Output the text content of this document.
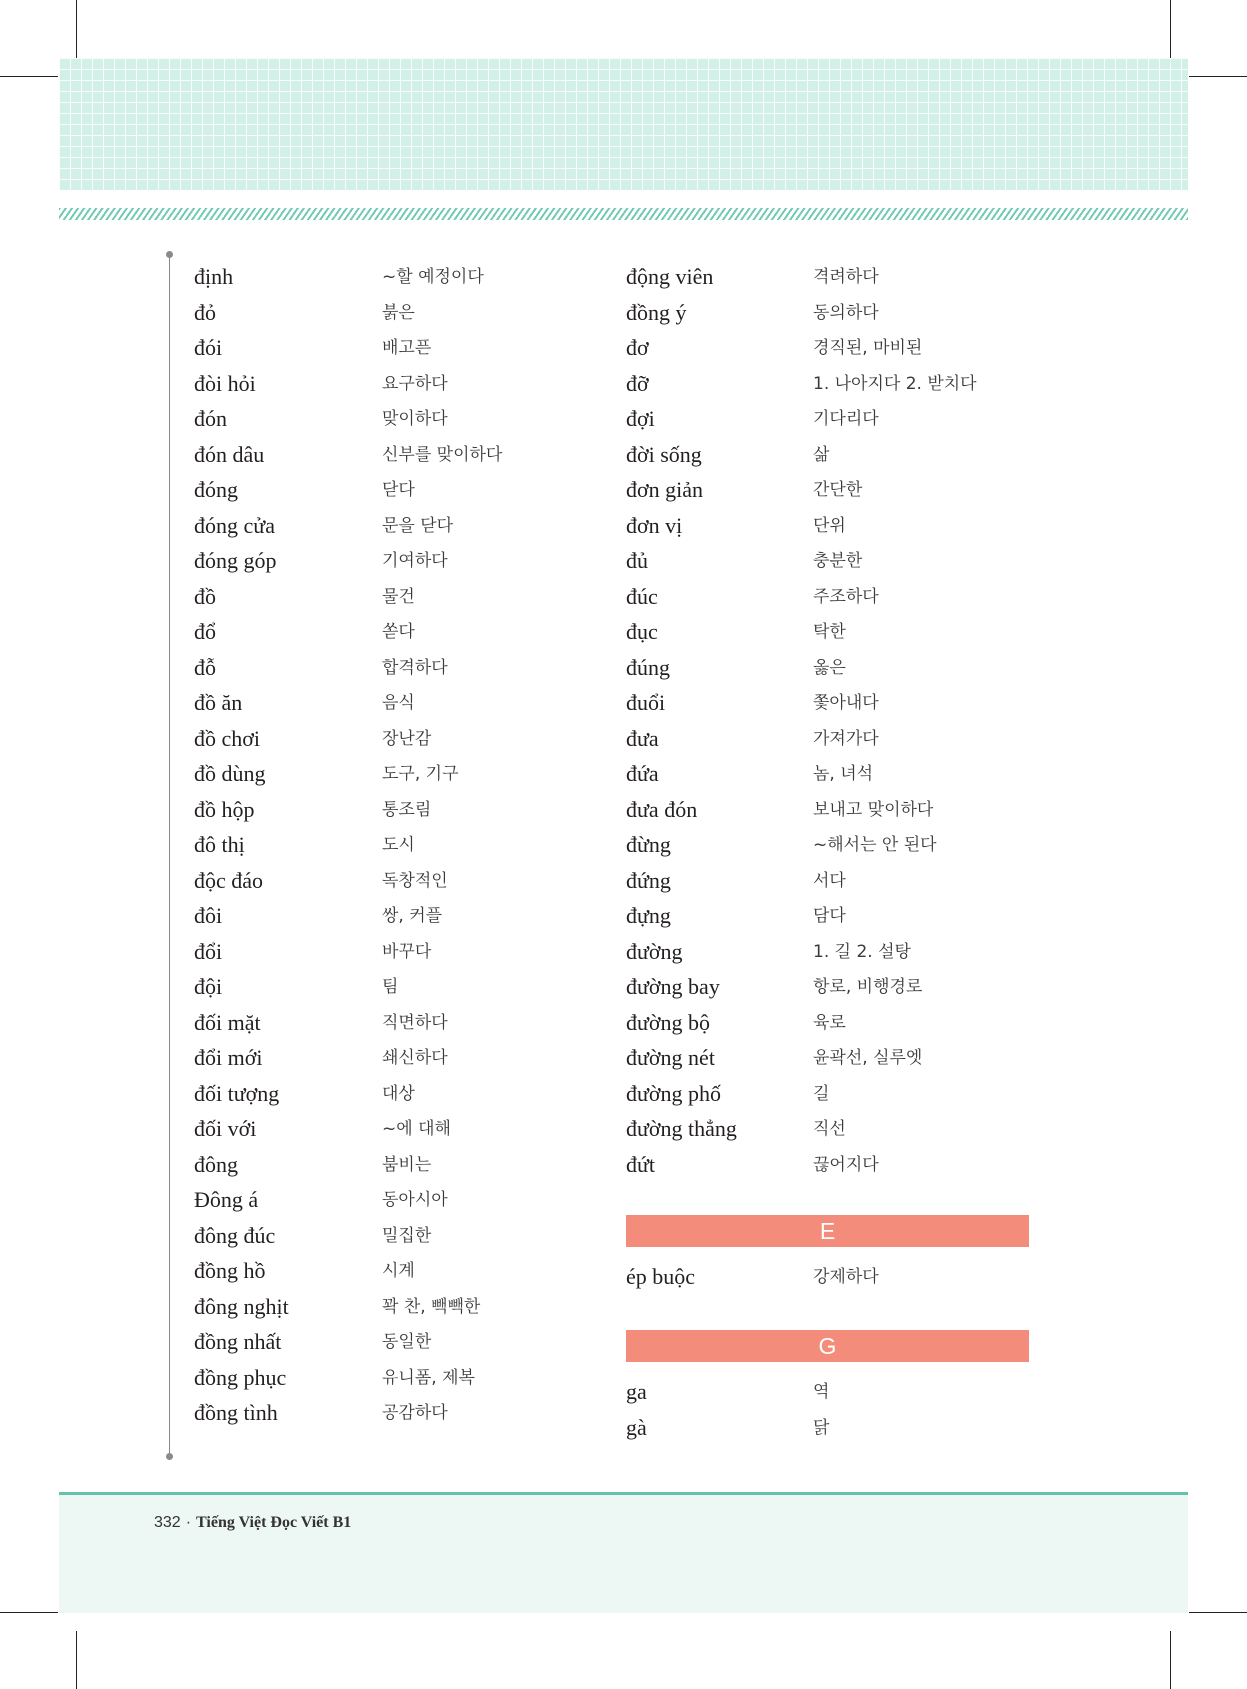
định	~할 예정이다
đỏ	붉은
đói	배고픈
đòi hỏi	요구하다
đón	맞이하다
đón dâu	신부를 맞이하다
đóng	닫다
đóng cửa	문을 닫다
đóng góp	기여하다
đồ	물건
đổ	쏟다
đỗ	합격하다
đồ ăn	음식
đồ chơi	장난감
đồ dùng	도구, 기구
đồ hộp	통조림
đô thị	도시
độc đáo	독창적인
đôi	쌍, 커플
đổi	바꾸다
đội	팀
đối mặt	직면하다
đổi mới	쇄신하다
đối tượng	대상
đối với	~에 대해
đông	붐비는
Đông á	동아시아
đông đúc	밀집한
đồng hồ	시계
đông nghịt	꽉 찬, 빽빽한
đồng nhất	동일한
đồng phục	유니폼, 제복
đồng tình	공감하다
động viên	격려하다
đồng ý	동의하다
đơ	경직된, 마비된
đỡ	1. 나아지다 2. 받치다
đợi	기다리다
đời sống	삶
đơn giản	간단한
đơn vị	단위
đủ	충분한
đúc	주조하다
đục	탁한
đúng	옳은
đuổi	쫓아내다
đưa	가져가다
đứa	놈, 녀석
đưa đón	보내고 맞이하다
đừng	~해서는 안 된다
đứng	서다
đựng	담다
đường	1. 길 2. 설탕
đường bay	항로, 비행경로
đường bộ	육로
đường nét	윤곽선, 실루엣
đường phố	길
đường thẳng	직선
đứt	끊어지다
ép buộc	강제하다
ga	역
gà	닭
E
G
332 · Tiếng Việt Đọc Viết B1
